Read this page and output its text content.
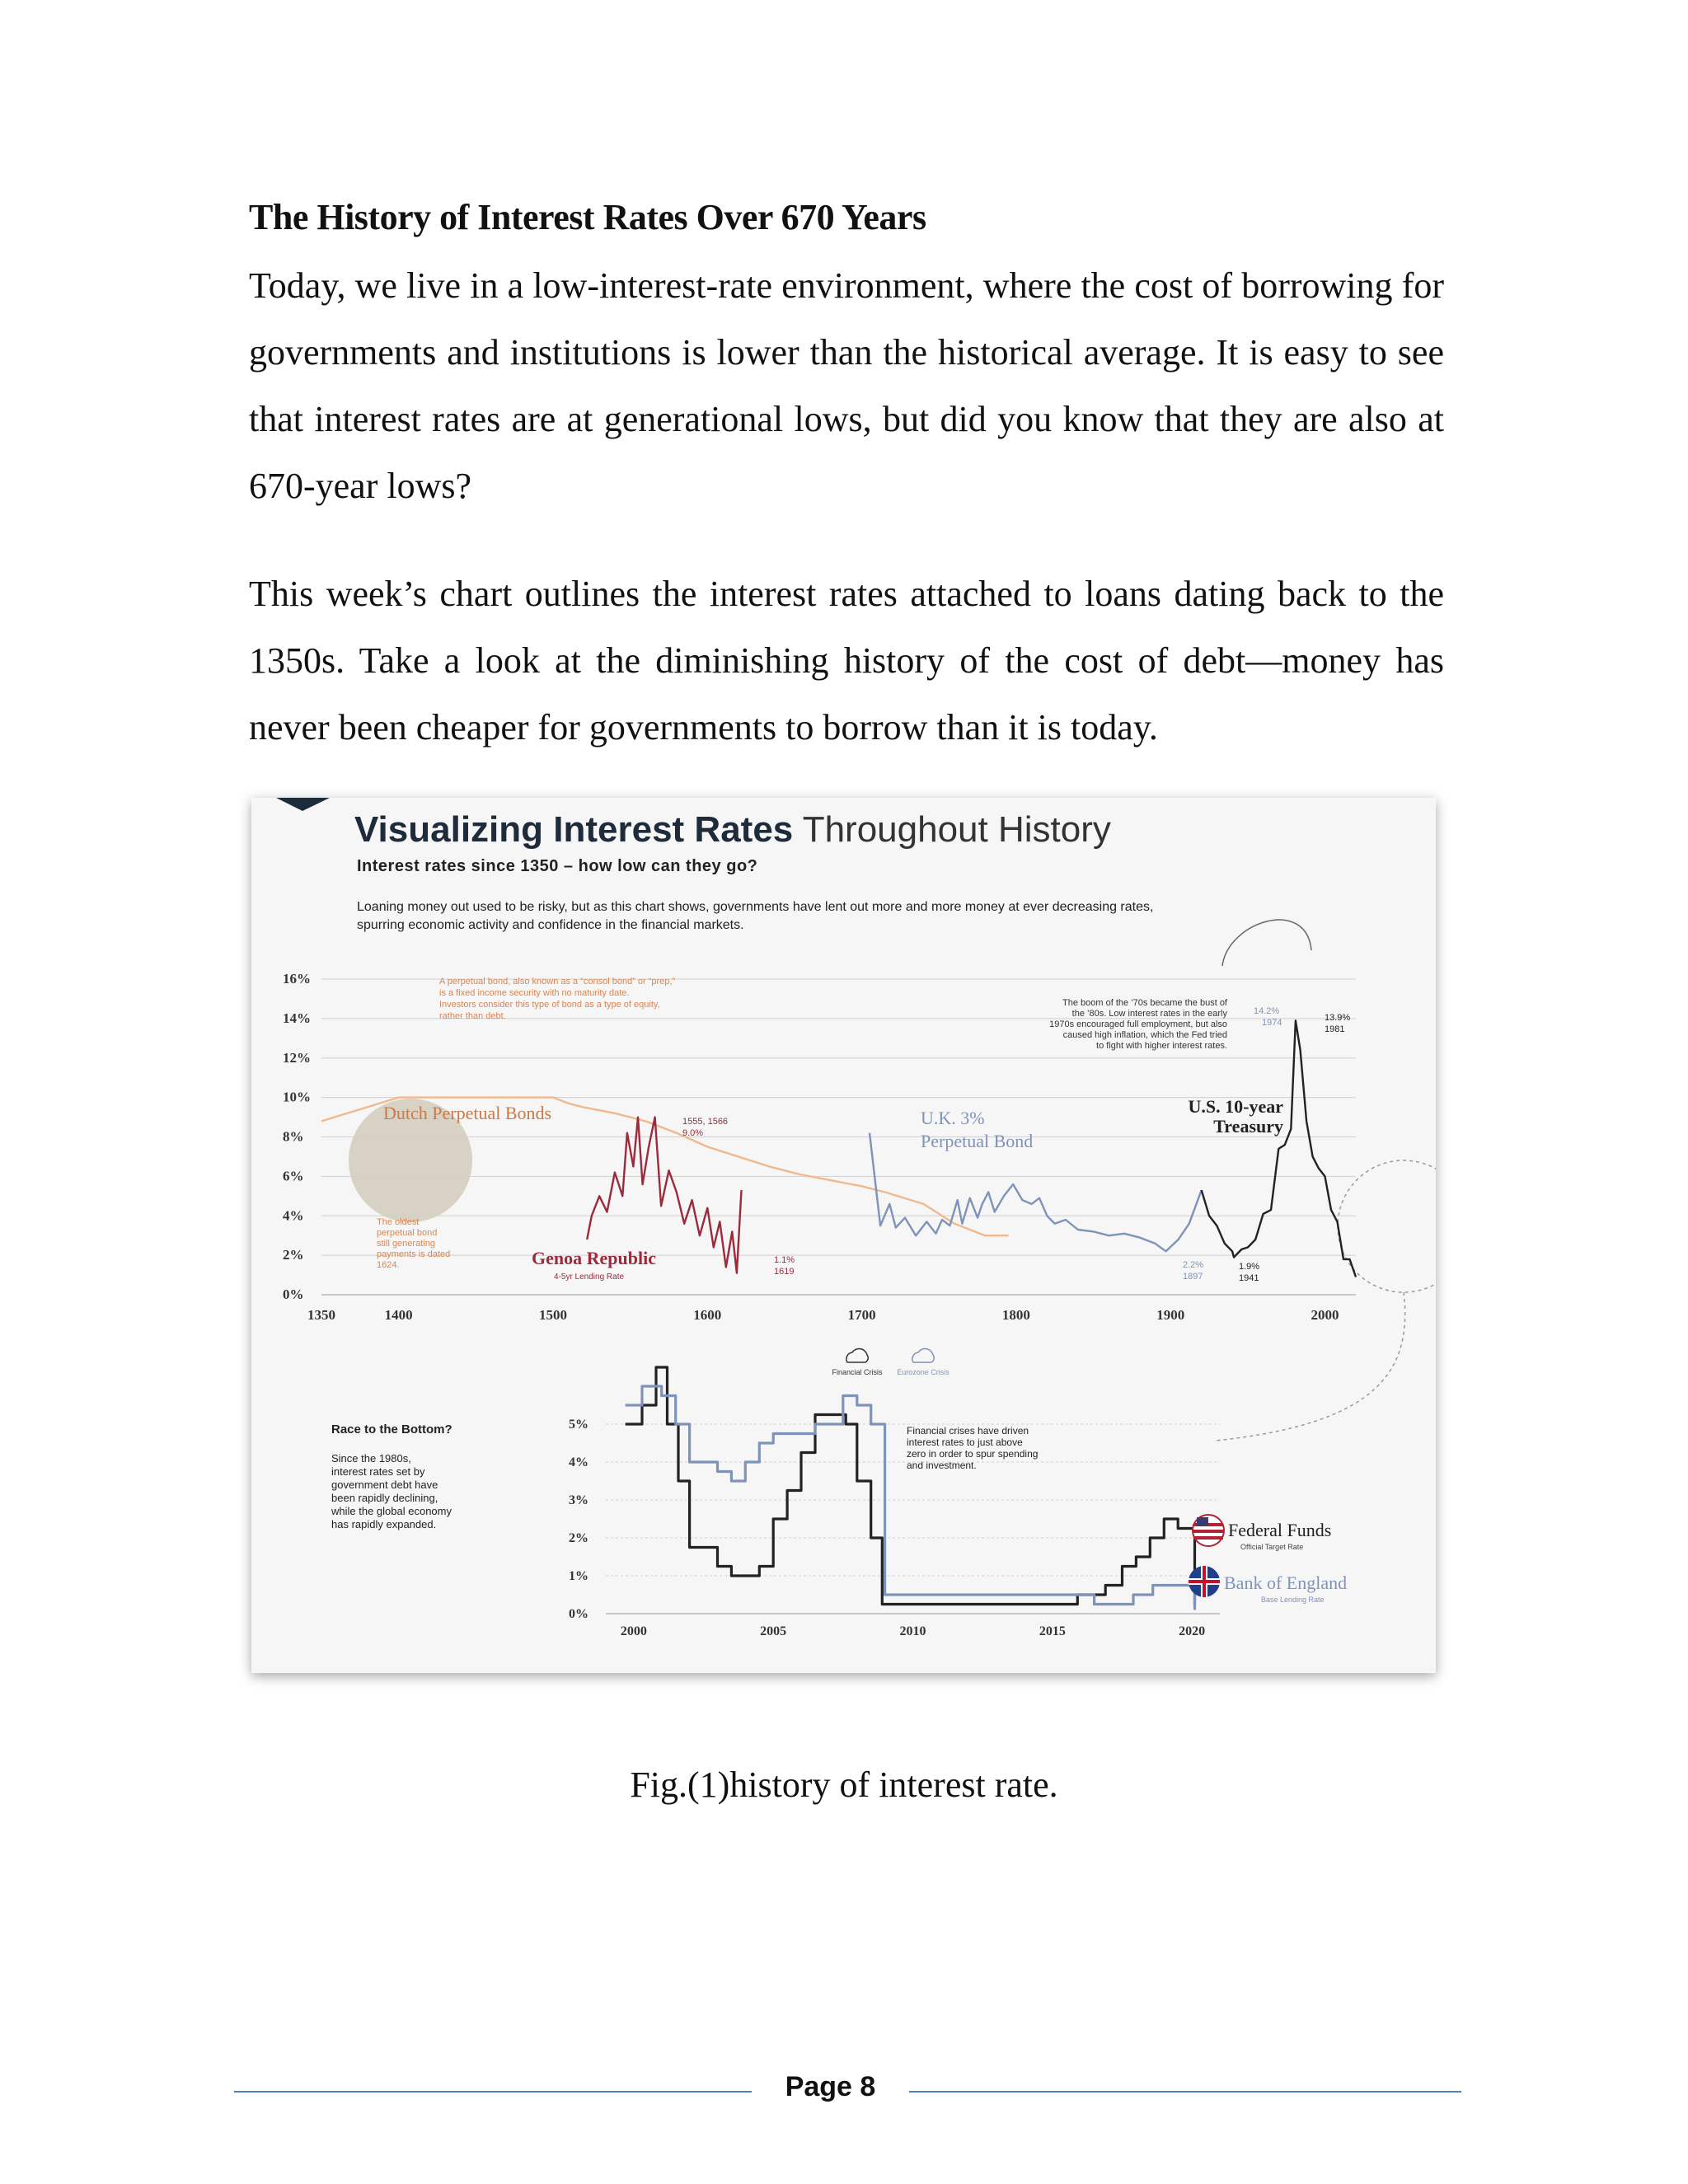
The History of Interest Rates Over 670 Years

Today, we live in a low-interest-rate environment, where the cost of borrowing for governments and institutions is lower than the historical average. It is easy to see that interest rates are at generational lows, but did you know that they are also at 670-year lows?

This week’s chart outlines the interest rates attached to loans dating back to the 1350s. Take a look at the diminishing history of the cost of debt—money has never been cheaper for governments to borrow than it is today.

Visualizing Interest Rates Throughout History
Interest rates since 1350 – how low can they go?
Loaning money out used to be risky, but as this chart shows, governments have lent out more and more money at ever decreasing rates, spurring economic activity and confidence in the financial markets.
0%
2%
4%
6%
8%
10%
12%
14%
16%
1350	1400	1500	1600	1700	1800	1900	2000
A perpetual bond, also known as a “consol bond” or “prep,” is a fixed income security with no maturity date. Investors consider this type of bond as a type of equity, rather than debt.
The oldest perpetual bond still generating payments is dated 1624.
The boom of the ’70s became the bust of the ’80s. Low interest rates in the early 1970s encouraged full employment, but also caused high inflation, which the Fed tried to fight with higher interest rates.
Dutch Perpetual Bonds
Genoa Republic
4-5yr Lending Rate
U.K. 3%
Perpetual Bond
U.S. 10-year
Treasury
1555, 1566
9.0%
1.1%
1619
2.2%
1897
1.9%
1941
14.2%
1974	13.9%
1981
Race to the Bottom?
Since the 1980s, interest rates set by government debt have been rapidly declining, while the global economy has rapidly expanded.
Financial crises have driven interest rates to just above zero in order to spur spending and investment.
Financial Crisis Eurozone Crisis
0%
1%
2%
3%
4%
5%
2000	2005	2010	2015	2020
Federal Funds
Official Target Rate
Bank of England
Base Lending Rate
Fig.(1)history of interest rate.
Page 8
